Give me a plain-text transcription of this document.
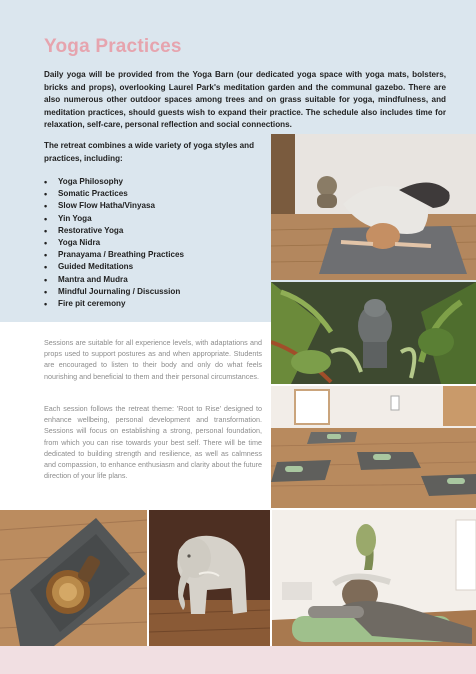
Yoga Practices

Daily yoga will be provided from the Yoga Barn (our dedicated yoga space with yoga mats, bolsters, bricks and props), overlooking Laurel Park's meditation garden and the communal gazebo. There are also numerous other outdoor spaces among trees and on grass suitable for yoga, mindfulness, and meditation practices, should guests wish to expand their practice. The schedule also includes time for relaxation, self-care, personal reflection and social connections.

The retreat combines a wide variety of yoga styles and practices, including:

• Yoga Philosophy
• Somatic Practices
• Slow Flow Hatha/Vinyasa
• Yin Yoga
• Restorative Yoga
• Yoga Nidra
• Pranayama / Breathing Practices
• Guided Meditations
• Mantra and Mudra
• Mindful Journaling / Discussion
• Fire pit ceremony

Sessions are suitable for all experience levels, with adaptations and props used to support postures as and when appropriate. Students are encouraged to listen to their body and only do what feels nourishing and beneficial to them and their personal circumstances.

Each session follows the retreat theme: 'Root to Rise' designed to enhance wellbeing, personal development and transformation. Sessions will focus on establishing a strong, personal foundation, from which you can rise towards your best self. There will be time dedicated to building strength and resilience, as well as calmness and compassion, to enhance enthusiasm and clarity about the future direction of your life plans.
